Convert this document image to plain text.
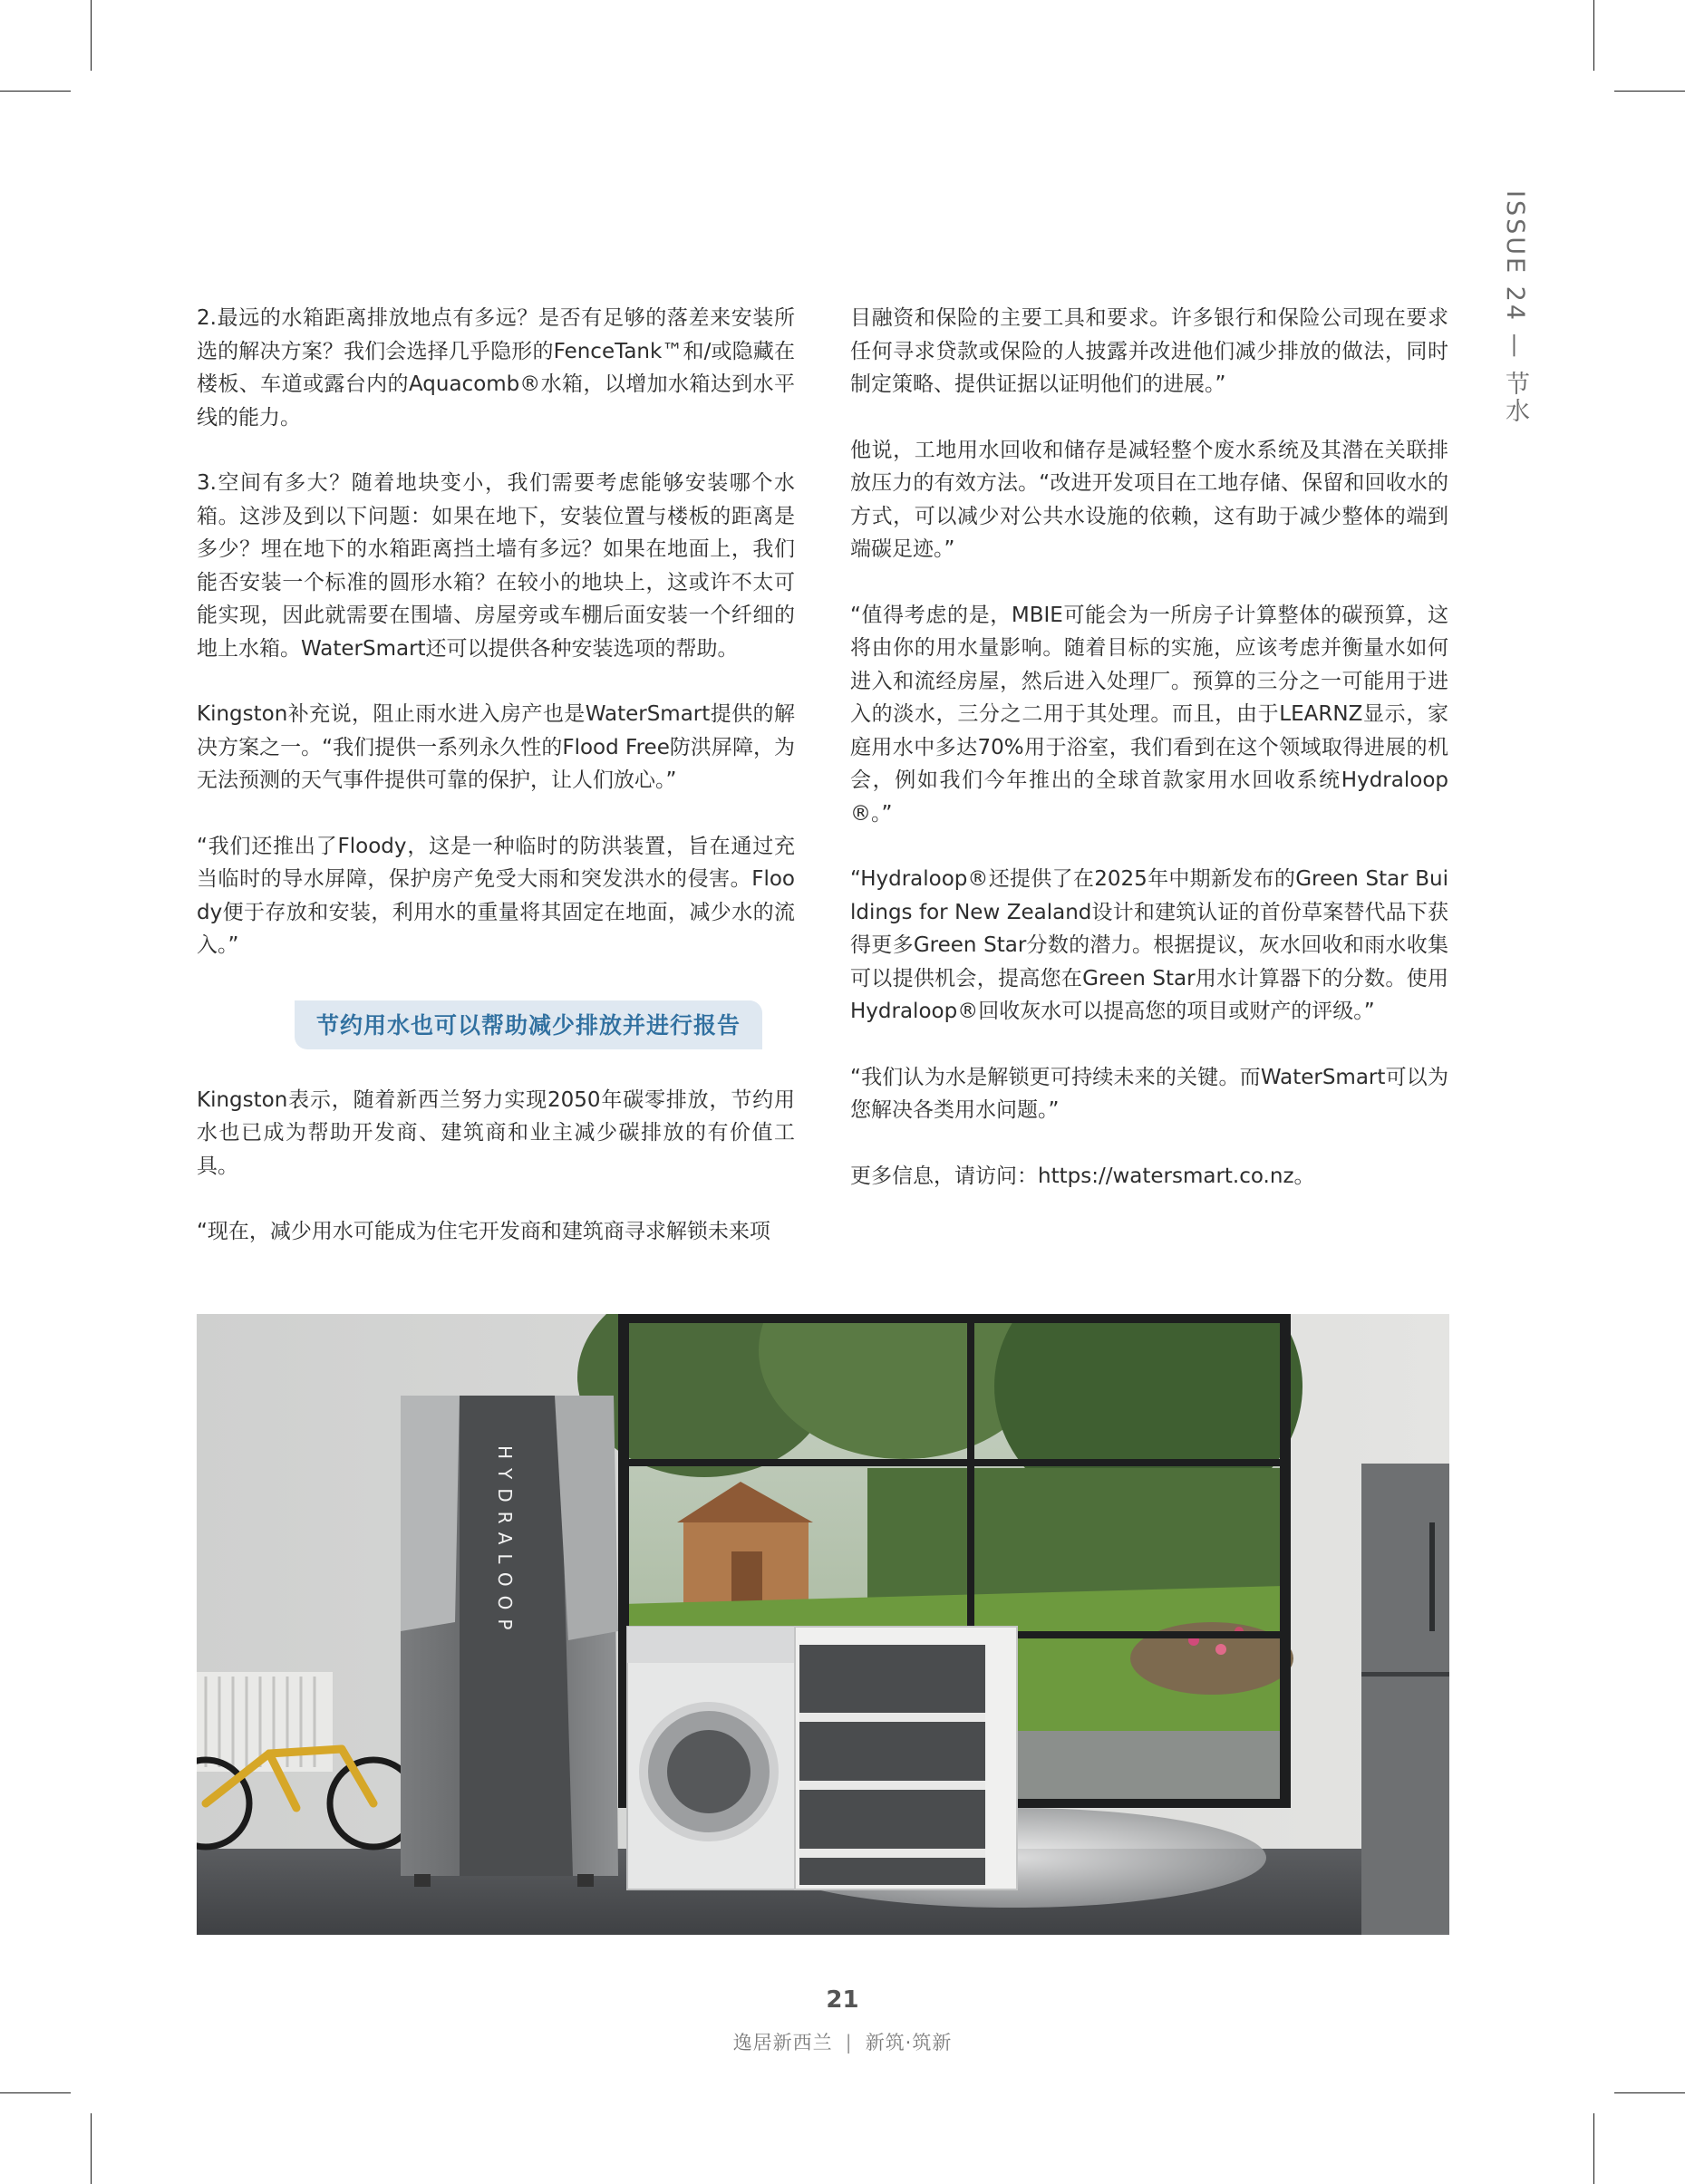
ISSUE 24 — 节水

2.最远的水箱距离排放地点有多远？是否有足够的落差来安装所选的解决方案？我们会选择几乎隐形的FenceTank™和/或隐藏在楼板、车道或露台内的Aquacomb®水箱，以增加水箱达到水平线的能力。

3.空间有多大？随着地块变小，我们需要考虑能够安装哪个水箱。这涉及到以下问题：如果在地下，安装位置与楼板的距离是多少？埋在地下的水箱距离挡土墙有多远？如果在地面上，我们能否安装一个标准的圆形水箱？在较小的地块上，这或许不太可能实现，因此就需要在围墙、房屋旁或车棚后面安装一个纤细的地上水箱。WaterSmart还可以提供各种安装选项的帮助。

Kingston补充说，阻止雨水进入房产也是WaterSmart提供的解决方案之一。“我们提供一系列永久性的Flood Free防洪屏障，为无法预测的天气事件提供可靠的保护，让人们放心。”

“我们还推出了Floody，这是一种临时的防洪装置，旨在通过充当临时的导水屏障，保护房产免受大雨和突发洪水的侵害。Floody便于存放和安装，利用水的重量将其固定在地面，减少水的流入。”

节约用水也可以帮助减少排放并进行报告

Kingston表示，随着新西兰努力实现2050年碳零排放，节约用水也已成为帮助开发商、建筑商和业主减少碳排放的有价值工具。

“现在，减少用水可能成为住宅开发商和建筑商寻求解锁未来项

目融资和保险的主要工具和要求。许多银行和保险公司现在要求任何寻求贷款或保险的人披露并改进他们减少排放的做法，同时制定策略、提供证据以证明他们的进展。”

他说，工地用水回收和储存是减轻整个废水系统及其潜在关联排放压力的有效方法。“改进开发项目在工地存储、保留和回收水的方式，可以减少对公共水设施的依赖，这有助于减少整体的端到端碳足迹。”

“值得考虑的是，MBIE可能会为一所房子计算整体的碳预算，这将由你的用水量影响。随着目标的实施，应该考虑并衡量水如何进入和流经房屋，然后进入处理厂。预算的三分之一可能用于进入的淡水，三分之二用于其处理。而且，由于LEARNZ显示，家庭用水中多达70%用于浴室，我们看到在这个领域取得进展的机会，例如我们今年推出的全球首款家用水回收系统Hydraloop®。”

“Hydraloop®还提供了在2025年中期新发布的Green Star Buildings for New Zealand设计和建筑认证的首份草案替代品下获得更多Green Star分数的潜力。根据提议，灰水回收和雨水收集可以提供机会，提高您在Green Star用水计算器下的分数。使用Hydraloop®回收灰水可以提高您的项目或财产的评级。”

“我们认为水是解锁更可持续未来的关键。而WaterSmart可以为您解决各类用水问题。”

更多信息，请访问：https://watersmart.co.nz。

HYDRALOOP
21
逸居新西兰 | 新筑·筑新
